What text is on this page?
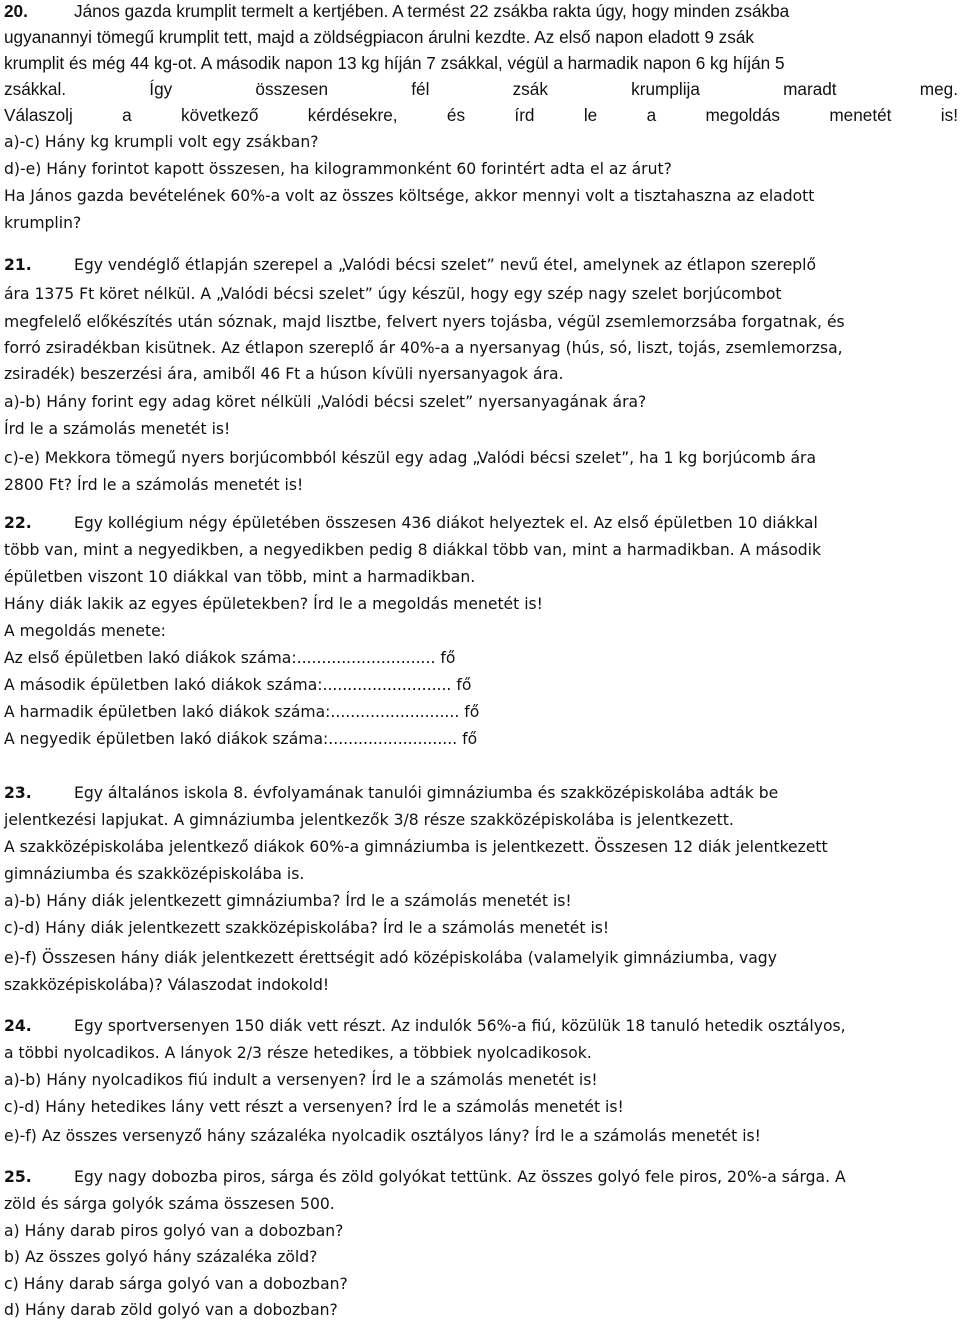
20.	János gazda krumplit termelt a kertjében. A termést 22 zsákba rakta úgy, hogy minden zsákba
ugyanannyi tömegű krumplit tett, majd a zöldségpiacon árulni kezdte. Az első napon eladott 9 zsák
krumplit és még 44 kg-ot. A második napon 13 kg híján 7 zsákkal, végül a harmadik napon 6 kg híján 5
zsákkal. Így összesen fél zsák krumplija maradt meg.
Válaszolj a következő kérdésekre, és írd le a megoldás menetét is!
a)-c) Hány kg krumpli volt egy zsákban?
d)-e) Hány forintot kapott összesen, ha kilogrammonként 60 forintért adta el az árut?
Ha János gazda bevételének 60%-a volt az összes költsége, akkor mennyi volt a tisztahaszna az eladott
krumplin?
21.	Egy vendéglő étlapján szerepel a „Valódi bécsi szelet” nevű étel, amelynek az étlapon szereplő
ára 1375 Ft köret nélkül. A „Valódi bécsi szelet” úgy készül, hogy egy szép nagy szelet borjúcombot
megfelelő előkészítés után sóznak, majd lisztbe, felvert nyers tojásba, végül zsemlemorzsába forgatnak, és
forró zsiradékban kisütnek. Az étlapon szereplő ár 40%-a a nyersanyag (hús, só, liszt, tojás, zsemlemorzsa,
zsiradék) beszerzési ára, amiből 46 Ft a húson kívüli nyersanyagok ára.
a)‐b) Hány forint egy adag köret nélküli „Valódi bécsi szelet” nyersanyagának ára?
Írd le a számolás menetét is!
c)‐e) Mekkora tömegű nyers borjúcombból készül egy adag „Valódi bécsi szelet”, ha 1 kg borjúcomb ára
2800 Ft? Írd le a számolás menetét is!
22.	Egy kollégium négy épületében összesen 436 diákot helyeztek el. Az első épületben 10 diákkal
több van, mint a negyedikben, a negyedikben pedig 8 diákkal több van, mint a harmadikban. A második
épületben viszont 10 diákkal van több, mint a harmadikban.
Hány diák lakik az egyes épületekben? Írd le a megoldás menetét is!
A megoldás menete:
Az első épületben lakó diákok száma:............................ fő
A második épületben lakó diákok száma:.......................... fő
A harmadik épületben lakó diákok száma:.......................... fő
A negyedik épületben lakó diákok száma:.......................... fő
23.	Egy általános iskola 8. évfolyamának tanulói gimnáziumba és szakközépiskolába adták be
jelentkezési lapjukat. A gimnáziumba jelentkezők 3/8 része szakközépiskolába is jelentkezett.
A szakközépiskolába jelentkező diákok 60%-a gimnáziumba is jelentkezett. Összesen 12 diák jelentkezett
gimnáziumba és szakközépiskolába is.
a)‐b) Hány diák jelentkezett gimnáziumba? Írd le a számolás menetét is!
c)‐d) Hány diák jelentkezett szakközépiskolába? Írd le a számolás menetét is!
e)‐f) Összesen hány diák jelentkezett érettségit adó középiskolába (valamelyik gimnáziumba, vagy
szakközépiskolába)? Válaszodat indokold!
24.	Egy sportversenyen 150 diák vett részt. Az indulók 56%-a fiú, közülük 18 tanuló hetedik osztályos,
a többi nyolcadikos. A lányok 2/3 része hetedikes, a többiek nyolcadikosok.
a)‐b) Hány nyolcadikos fiú indult a versenyen? Írd le a számolás menetét is!
c)‐d) Hány hetedikes lány vett részt a versenyen? Írd le a számolás menetét is!
e)‐f) Az összes versenyző hány százaléka nyolcadik osztályos lány? Írd le a számolás menetét is!
25.	Egy nagy dobozba piros, sárga és zöld golyókat tettünk. Az összes golyó fele piros, 20%-a sárga. A
zöld és sárga golyók száma összesen 500.
a) Hány darab piros golyó van a dobozban?
b) Az összes golyó hány százaléka zöld?
c) Hány darab sárga golyó van a dobozban?
d) Hány darab zöld golyó van a dobozban?
